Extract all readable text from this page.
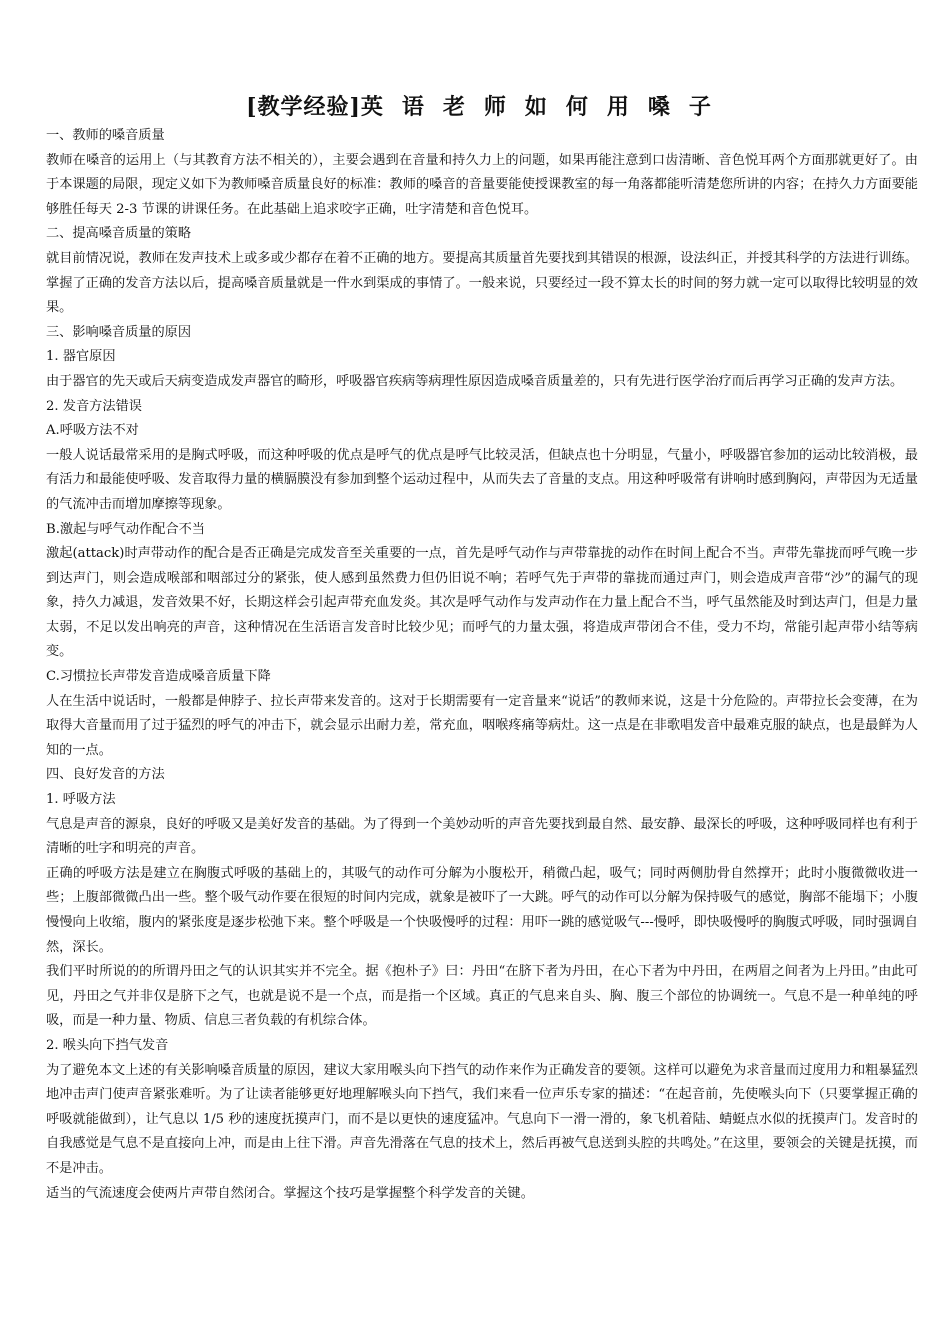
[教学经验]英语老师如何用嗓子

一、教师的嗓音质量

教师在嗓音的运用上（与其教育方法不相关的），主要会遇到在音量和持久力上的问题，如果再能注意到口齿清晰、音色悦耳两个方面那就更好了。由于本课题的局限，现定义如下为教师嗓音质量良好的标准：教师的嗓音的音量要能使授课教室的每一角落都能听清楚您所讲的内容；在持久力方面要能够胜任每天 2-3 节课的讲课任务。在此基础上追求咬字正确，吐字清楚和音色悦耳。

二、提高嗓音质量的策略

就目前情况说，教师在发声技术上或多或少都存在着不正确的地方。要提高其质量首先要找到其错误的根源，设法纠正，并授其科学的方法进行训练。掌握了正确的发音方法以后，提高嗓音质量就是一件水到渠成的事情了。一般来说，只要经过一段不算太长的时间的努力就一定可以取得比较明显的效果。

三、影响嗓音质量的原因

1. 器官原因

由于器官的先天或后天病变造成发声器官的畸形，呼吸器官疾病等病理性原因造成嗓音质量差的，只有先进行医学治疗而后再学习正确的发声方法。

2. 发音方法错误

A.呼吸方法不对

一般人说话最常采用的是胸式呼吸，而这种呼吸的优点是呼气的优点是呼气比较灵活，但缺点也十分明显，气量小，呼吸器官参加的运动比较消极，最有活力和最能使呼吸、发音取得力量的横膈膜没有参加到整个运动过程中，从而失去了音量的支点。用这种呼吸常有讲响时感到胸闷，声带因为无适量的气流冲击而增加摩擦等现象。

B.激起与呼气动作配合不当

激起(attack)时声带动作的配合是否正确是完成发音至关重要的一点，首先是呼气动作与声带靠拢的动作在时间上配合不当。声带先靠拢而呼气晚一步到达声门，则会造成喉部和咽部过分的紧张，使人感到虽然费力但仍旧说不响；若呼气先于声带的靠拢而通过声门，则会造成声音带“沙”的漏气的现象，持久力减退，发音效果不好，长期这样会引起声带充血发炎。其次是呼气动作与发声动作在力量上配合不当，呼气虽然能及时到达声门，但是力量太弱，不足以发出响亮的声音，这种情况在生活语言发音时比较少见；而呼气的力量太强，将造成声带闭合不佳，受力不均，常能引起声带小结等病变。

C.习惯拉长声带发音造成嗓音质量下降

人在生活中说话时，一般都是伸脖子、拉长声带来发音的。这对于长期需要有一定音量来“说话”的教师来说，这是十分危险的。声带拉长会变薄，在为取得大音量而用了过于猛烈的呼气的冲击下，就会显示出耐力差，常充血，咽喉疼痛等病灶。这一点是在非歌唱发音中最难克服的缺点，也是最鲜为人知的一点。

四、良好发音的方法

1. 呼吸方法

气息是声音的源泉，良好的呼吸又是美好发音的基础。为了得到一个美妙动听的声音先要找到最自然、最安静、最深长的呼吸，这种呼吸同样也有利于清晰的吐字和明亮的声音。

正确的呼吸方法是建立在胸腹式呼吸的基础上的，其吸气的动作可分解为小腹松开，稍微凸起，吸气；同时两侧肋骨自然撑开；此时小腹微微收进一些；上腹部微微凸出一些。整个吸气动作要在很短的时间内完成，就象是被吓了一大跳。呼气的动作可以分解为保持吸气的感觉，胸部不能塌下；小腹慢慢向上收缩，腹内的紧张度是逐步松弛下来。整个呼吸是一个快吸慢呼的过程：用吓一跳的感觉吸气---慢呼，即快吸慢呼的胸腹式呼吸，同时强调自然，深长。

我们平时所说的的所谓丹田之气的认识其实并不完全。据《抱朴子》曰：丹田“在脐下者为丹田，在心下者为中丹田，在两眉之间者为上丹田。”由此可见，丹田之气并非仅是脐下之气，也就是说不是一个点，而是指一个区域。真正的气息来自头、胸、腹三个部位的协调统一。气息不是一种单纯的呼吸，而是一种力量、物质、信息三者负载的有机综合体。

2. 喉头向下挡气发音

为了避免本文上述的有关影响嗓音质量的原因，建议大家用喉头向下挡气的动作来作为正确发音的要领。这样可以避免为求音量而过度用力和粗暴猛烈地冲击声门使声音紧张难听。为了让读者能够更好地理解喉头向下挡气，我们来看一位声乐专家的描述：“在起音前，先使喉头向下（只要掌握正确的呼吸就能做到），让气息以 1/5 秒的速度抚摸声门，而不是以更快的速度猛冲。气息向下一滑一滑的，象飞机着陆、蜻蜓点水似的抚摸声门。发音时的自我感觉是气息不是直接向上冲，而是由上往下滑。声音先滑落在气息的技术上，然后再被气息送到头腔的共鸣处。”在这里，要领会的关键是抚摸，而不是冲击。

适当的气流速度会使两片声带自然闭合。掌握这个技巧是掌握整个科学发音的关键。
